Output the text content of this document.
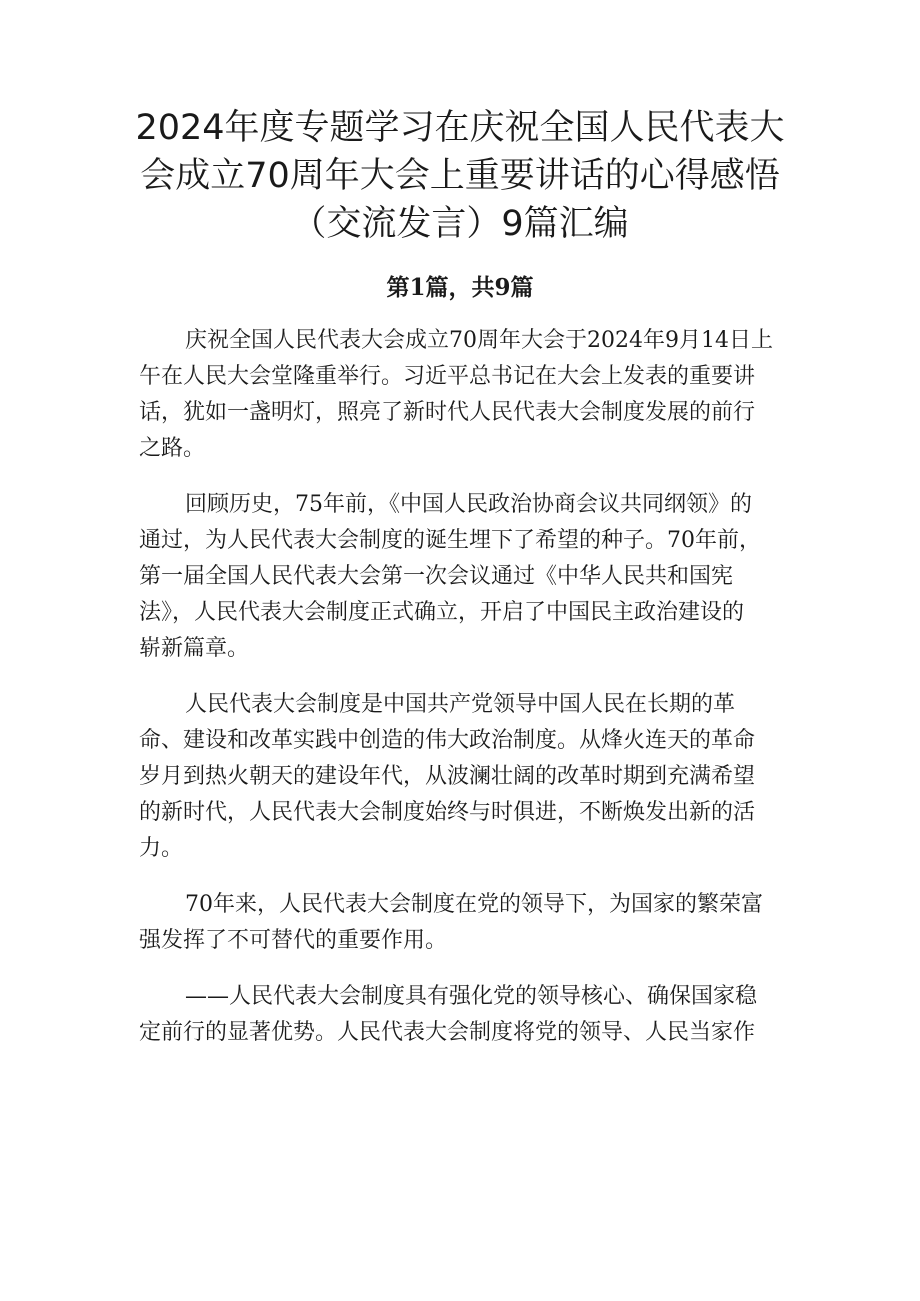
2024年度专题学习在庆祝全国人民代表大
会成立70周年大会上重要讲话的心得感悟
（交流发言）9篇汇编
第1篇，共9篇
庆祝全国人民代表大会成立70周年大会于2024年9月14日上
午在人民大会堂隆重举行。习近平总书记在大会上发表的重要讲
话，犹如一盏明灯，照亮了新时代人民代表大会制度发展的前行
之路。
回顾历史，75年前，《中国人民政治协商会议共同纲领》的
通过，为人民代表大会制度的诞生埋下了希望的种子。70年前，
第一届全国人民代表大会第一次会议通过《中华人民共和国宪
法》，人民代表大会制度正式确立，开启了中国民主政治建设的
崭新篇章。
人民代表大会制度是中国共产党领导中国人民在长期的革
命、建设和改革实践中创造的伟大政治制度。从烽火连天的革命
岁月到热火朝天的建设年代，从波澜壮阔的改革时期到充满希望
的新时代，人民代表大会制度始终与时俱进，不断焕发出新的活
力。
70年来，人民代表大会制度在党的领导下，为国家的繁荣富
强发挥了不可替代的重要作用。
——人民代表大会制度具有强化党的领导核心、确保国家稳
定前行的显著优势。人民代表大会制度将党的领导、人民当家作
